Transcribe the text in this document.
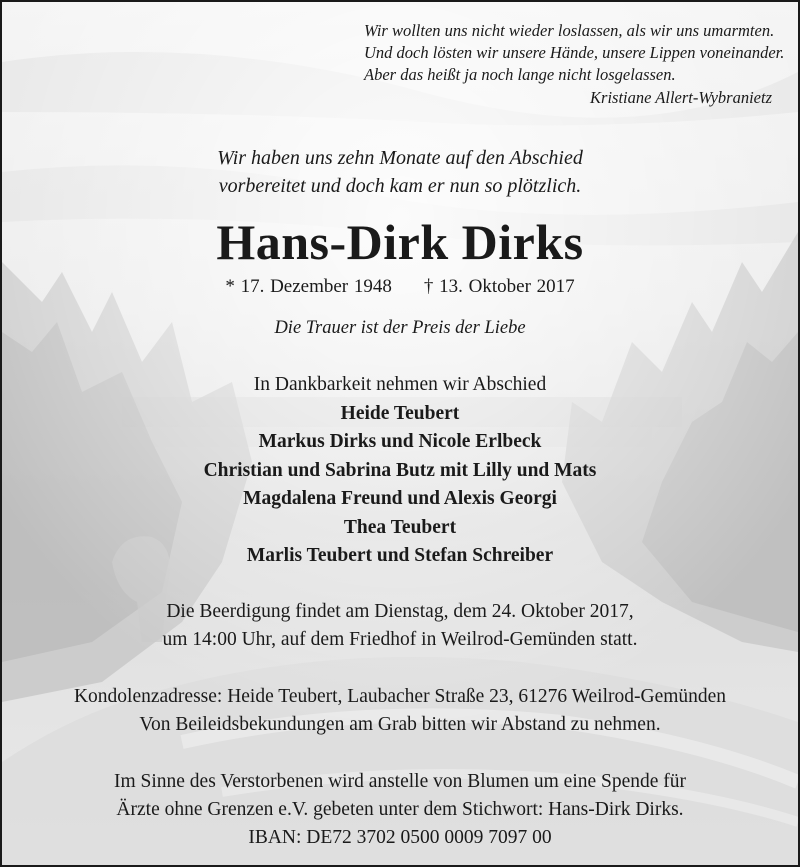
Wir wollten uns nicht wieder loslassen, als wir uns umarmten.
Und doch lösten wir unsere Hände, unsere Lippen voneinander.
Aber das heißt ja noch lange nicht losgelassen.
Kristiane Allert-Wybranietz
Wir haben uns zehn Monate auf den Abschied
vorbereitet und doch kam er nun so plötzlich.
Hans-Dirk Dirks
* 17. Dezember 1948 † 13. Oktober 2017
Die Trauer ist der Preis der Liebe
In Dankbarkeit nehmen wir Abschied
Heide Teubert
Markus Dirks und Nicole Erlbeck
Christian und Sabrina Butz mit Lilly und Mats
Magdalena Freund und Alexis Georgi
Thea Teubert
Marlis Teubert und Stefan Schreiber
Die Beerdigung findet am Dienstag, dem 24. Oktober 2017,
um 14:00 Uhr, auf dem Friedhof in Weilrod-Gemünden statt.
Kondolenzadresse: Heide Teubert, Laubacher Straße 23, 61276 Weilrod-Gemünden
Von Beileidsbekundungen am Grab bitten wir Abstand zu nehmen.
Im Sinne des Verstorbenen wird anstelle von Blumen um eine Spende für
Ärzte ohne Grenzen e.V. gebeten unter dem Stichwort: Hans-Dirk Dirks.
IBAN: DE72 3702 0500 0009 7097 00
